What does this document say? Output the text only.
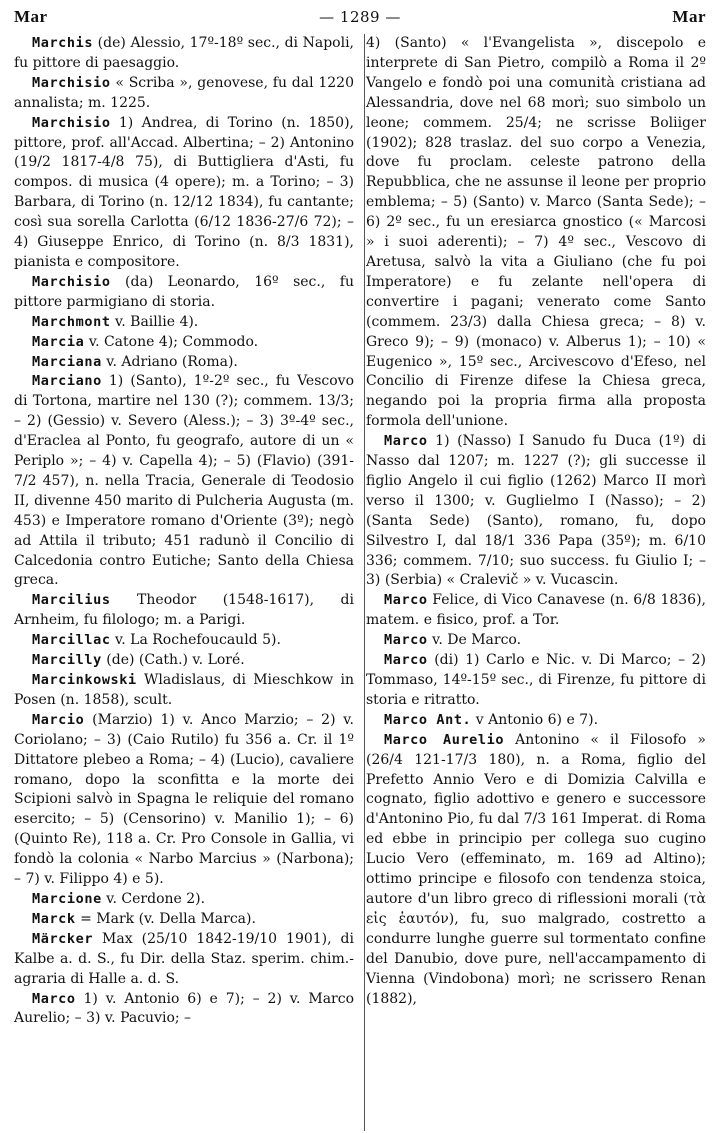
Mar	— 1289 —	Mar

Marchis (de) Alessio, 17º-18º sec., di Napoli, fu pittore di paesaggio.

Marchisio « Scriba », genovese, fu dal 1220 annalista; m. 1225.

Marchisio 1) Andrea, di Torino (n. 1850), pittore, prof. all'Accad. Albertina; – 2) Antonino (19/2 1817-4/8 75), di Buttigliera d'Asti, fu compos. di musica (4 opere); m. a Torino; – 3) Barbara, di Torino (n. 12/12 1834), fu cantante; così sua sorella Carlotta (6/12 1836-27/6 72); – 4) Giuseppe Enrico, di Torino (n. 8/3 1831), pianista e compositore.

Marchisio (da) Leonardo, 16º sec., fu pittore parmigiano di storia.

Marchmont v. Baillie 4).

Marcia v. Catone 4); Commodo.

Marciana v. Adriano (Roma).

Marciano 1) (Santo), 1º-2º sec., fu Vescovo di Tortona, martire nel 130 (?); commem. 13/3; – 2) (Gessio) v. Severo (Aless.); – 3) 3º-4º sec., d'Eraclea al Ponto, fu geografo, autore di un « Periplo »; – 4) v. Capella 4); – 5) (Flavio) (391-7/2 457), n. nella Tracia, Generale di Teodosio II, divenne 450 marito di Pulcheria Augusta (m. 453) e Imperatore romano d'Oriente (3º); negò ad Attila il tributo; 451 radunò il Concilio di Calcedonia contro Eutiche; Santo della Chiesa greca.

Marcilius Theodor (1548-1617), di Arnheim, fu filologo; m. a Parigi.

Marcillac v. La Rochefoucauld 5).

Marcilly (de) (Cath.) v. Loré.

Marcinkowski Wladislaus, di Mieschkow in Posen (n. 1858), scult.

Marcio (Marzio) 1) v. Anco Marzio; – 2) v. Coriolano; – 3) (Caio Rutilo) fu 356 a. Cr. il 1º Dittatore plebeo a Roma; – 4) (Lucio), cavaliere romano, dopo la sconfitta e la morte dei Scipioni salvò in Spagna le reliquie del romano esercito; – 5) (Censorino) v. Manilio 1); – 6) (Quinto Re), 118 a. Cr. Pro Console in Gallia, vi fondò la colonia « Narbo Marcius » (Narbona); – 7) v. Filippo 4) e 5).

Marcione v. Cerdone 2).

Marck = Mark (v. Della Marca).

Märcker Max (25/10 1842-19/10 1901), di Kalbe a. d. S., fu Dir. della Staz. sperim. chim.-agraria di Halle a. d. S.

Marco 1) v. Antonio 6) e 7); – 2) v. Marco Aurelio; – 3) v. Pacuvio; –

4) (Santo) « l'Evangelista », discepolo e interprete di San Pietro, compilò a Roma il 2º Vangelo e fondò poi una comunità cristiana ad Alessandria, dove nel 68 morì; suo simbolo un leone; commem. 25/4; ne scrisse Boliiger (1902); 828 traslaz. del suo corpo a Venezia, dove fu proclam. celeste patrono della Repubblica, che ne assunse il leone per proprio emblema; – 5) (Santo) v. Marco (Santa Sede); – 6) 2º sec., fu un eresiarca gnostico (« Marcosi » i suoi aderenti); – 7) 4º sec., Vescovo di Aretusa, salvò la vita a Giuliano (che fu poi Imperatore) e fu zelante nell'opera di convertire i pagani; venerato come Santo (commem. 23/3) dalla Chiesa greca; – 8) v. Greco 9); – 9) (monaco) v. Alberus 1); – 10) « Eugenico », 15º sec., Arcivescovo d'Efeso, nel Concilio di Firenze difese la Chiesa greca, negando poi la propria firma alla proposta formola dell'unione.

Marco 1) (Nasso) I Sanudo fu Duca (1º) di Nasso dal 1207; m. 1227 (?); gli successe il figlio Angelo il cui figlio (1262) Marco II morì verso il 1300; v. Guglielmo I (Nasso); – 2) (Santa Sede) (Santo), romano, fu, dopo Silvestro I, dal 18/1 336 Papa (35º); m. 6/10 336; commem. 7/10; suo success. fu Giulio I; – 3) (Serbia) « Cralevič » v. Vucascin.

Marco Felice, di Vico Canavese (n. 6/8 1836), matem. e fisico, prof. a Tor.

Marco v. De Marco.

Marco (di) 1) Carlo e Nic. v. Di Marco; – 2) Tommaso, 14º-15º sec., di Firenze, fu pittore di storia e ritratto.

Marco Ant. v Antonio 6) e 7).

Marco Aurelio Antonino « il Filosofo » (26/4 121-17/3 180), n. a Roma, figlio del Prefetto Annio Vero e di Domizia Calvilla e cognato, figlio adottivo e genero e successore d'Antonino Pio, fu dal 7/3 161 Imperat. di Roma ed ebbe in principio per collega suo cugino Lucio Vero (effeminato, m. 169 ad Altino); ottimo principe e filosofo con tendenza stoica, autore d'un libro greco di riflessioni morali (τὰ εἰς ἑαυτόν), fu, suo malgrado, costretto a condurre lunghe guerre sul tormentato confine del Danubio, dove pure, nell'accampamento di Vienna (Vindobona) morì; ne scrissero Renan (1882),
